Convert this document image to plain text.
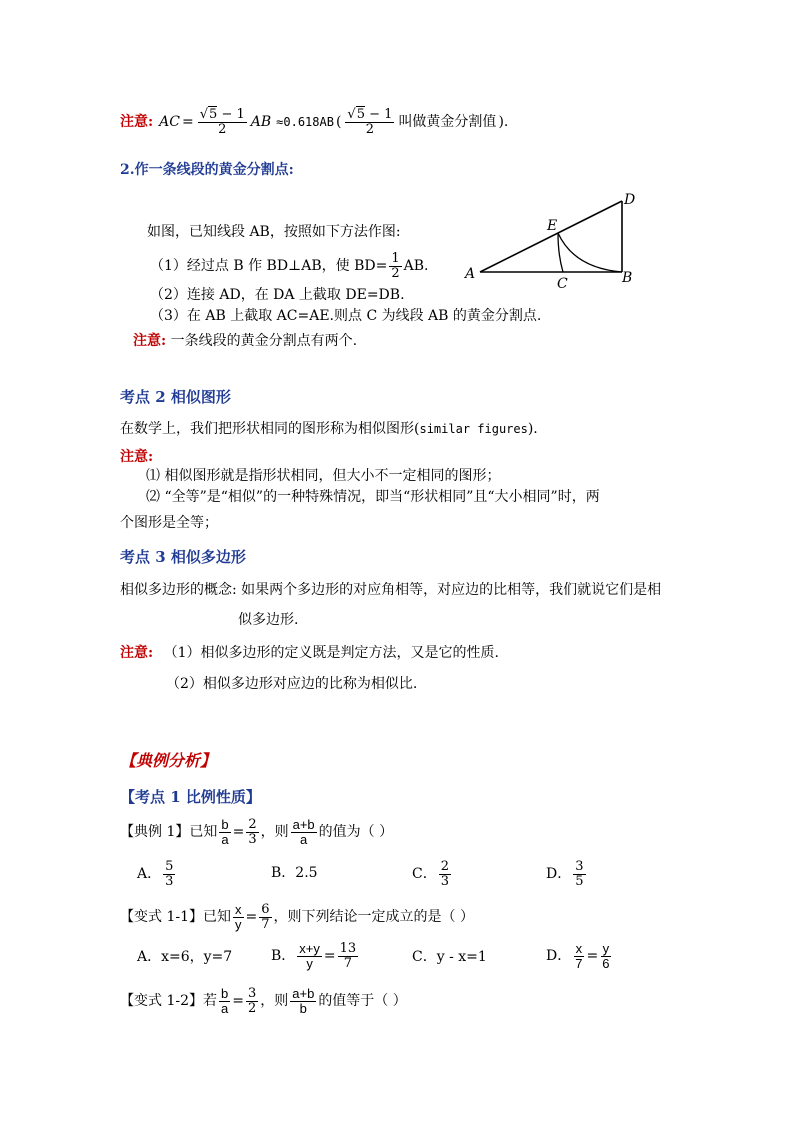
注意: AC = $\frac{√5 - 1}{2}$ AB ≈0.618AB ( $\frac{√5 - 1}{2}$ 叫做黄金分割值 ).
2.作一条线段的黄金分割点:
如图，已知线段 AB，按照如下方法作图:
（1）经过点 B 作 BD⊥AB，使 $BD= \frac{1}{2}$ AB.
（2）连接 AD，在 DA 上截取 DE=DB.
（3）在 AB 上截取 AC=AE.则点 C 为线段 AB 的黄金分割点.
注意: 一条线段的黄金分割点有两个.
A	B
C
D
E
考点 2 相似图形
在数学上，我们把形状相同的图形称为相似图形(similar figures).
注意:
⑴ 相似图形就是指形状相同，但大小不一定相同的图形；
⑵ “全等”是“相似”的一种特殊情况，即当“形状相同”且“大小相同”时，两
个图形是全等；
考点 3 相似多边形
相似多边形的概念: 如果两个多边形的对应角相等，对应边的比相等，我们就说它们是相
似多边形.
注意: （1）相似多边形的定义既是判定方法，又是它的性质.
（2）相似多边形对应边的比称为相似比.
【典例分析】
【考点 1 比例性质】
【典例 1】已知 $\frac{b}{a} = \frac{2}{3}$ ，则 $\frac{a+b}{a}$ 的值为（ ）
A． $\frac{5}{3}$	B．2.5	C． $\frac{2}{3}$	D． $\frac{3}{5}$
【变式 1-1】已知 $\frac{x}{y} = \frac{6}{7}$ ，则下列结论一定成立的是（ ）
A．x=6，y=7	B． $\frac{x+y}{y} = \frac{13}{7}$	C．y - x=1	D． $\frac{x}{7} = \frac{y}{6}$
【变式 1-2】若 $\frac{b}{a} = \frac{3}{2}$ ，则 $\frac{a+b}{b}$ 的值等于（ ）
